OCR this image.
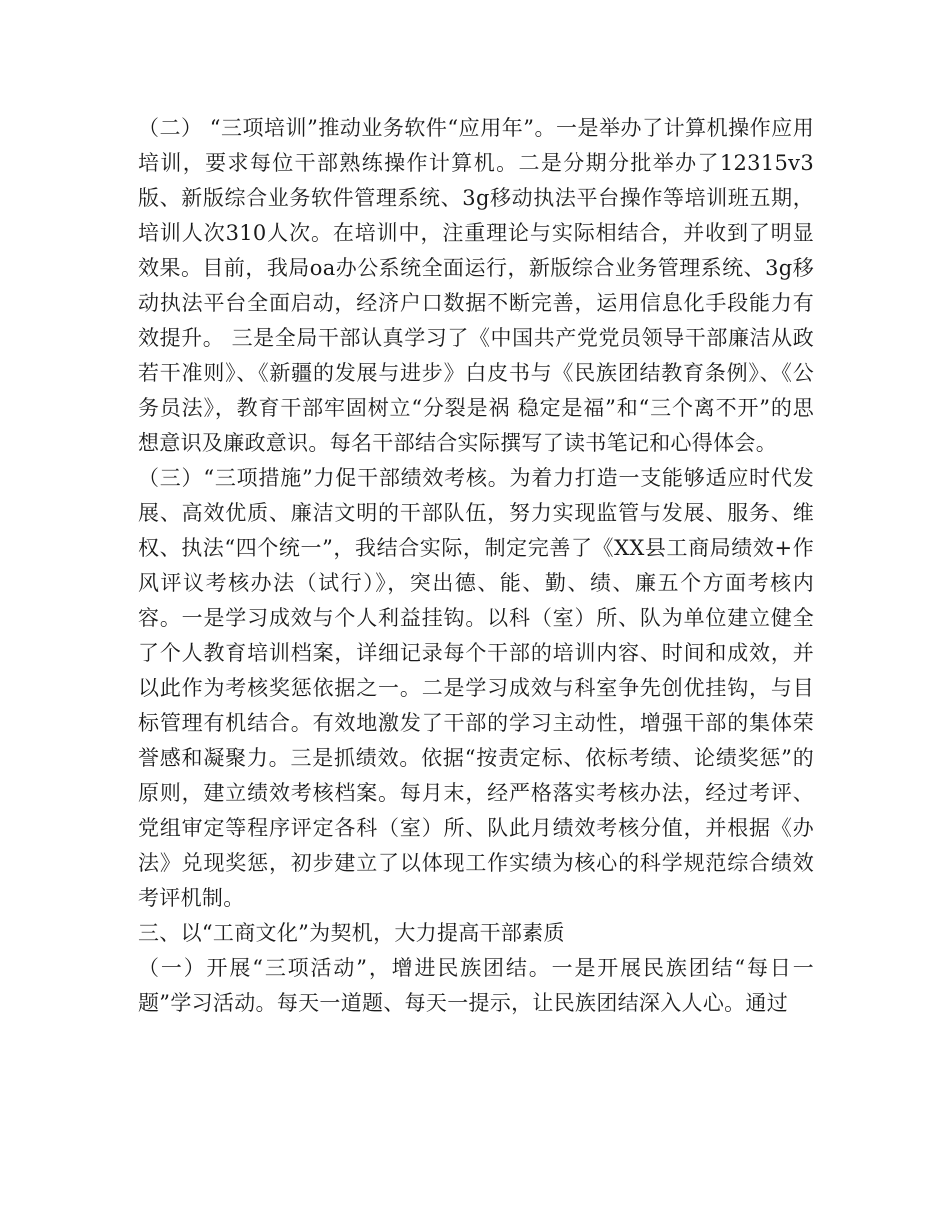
（二） “三项培训”推动业务软件“应用年”。一是举办了计算机操作应用培训，要求每位干部熟练操作计算机。二是分期分批举办了12315v3版、新版综合业务软件管理系统、3g移动执法平台操作等培训班五期，培训人次310人次。在培训中，注重理论与实际相结合，并收到了明显效果。目前，我局oa办公系统全面运行，新版综合业务管理系统、3g移动执法平台全面启动，经济户口数据不断完善，运用信息化手段能力有效提升。 三是全局干部认真学习了《中国共产党党员领导干部廉洁从政若干准则》、《新疆的发展与进步》白皮书与《民族团结教育条例》、《公务员法》，教育干部牢固树立“分裂是祸 稳定是福”和“三个离不开”的思想意识及廉政意识。每名干部结合实际撰写了读书笔记和心得体会。

（三）“三项措施”力促干部绩效考核。为着力打造一支能够适应时代发展、高效优质、廉洁文明的干部队伍，努力实现监管与发展、服务、维权、执法“四个统一”，我结合实际，制定完善了《XX县工商局绩效+作风评议考核办法（试行）》，突出德、能、勤、绩、廉五个方面考核内容。一是学习成效与个人利益挂钩。以科（室）所、队为单位建立健全了个人教育培训档案，详细记录每个干部的培训内容、时间和成效，并以此作为考核奖惩依据之一。二是学习成效与科室争先创优挂钩，与目标管理有机结合。有效地激发了干部的学习主动性，增强干部的集体荣誉感和凝聚力。三是抓绩效。依据“按责定标、依标考绩、论绩奖惩”的原则，建立绩效考核档案。每月末，经严格落实考核办法，经过考评、党组审定等程序评定各科（室）所、队此月绩效考核分值，并根据《办法》兑现奖惩，初步建立了以体现工作实绩为核心的科学规范综合绩效考评机制。

三、以“工商文化”为契机，大力提高干部素质

（一）开展“三项活动”，增进民族团结。一是开展民族团结“每日一题”学习活动。每天一道题、每天一提示，让民族团结深入人心。通过
